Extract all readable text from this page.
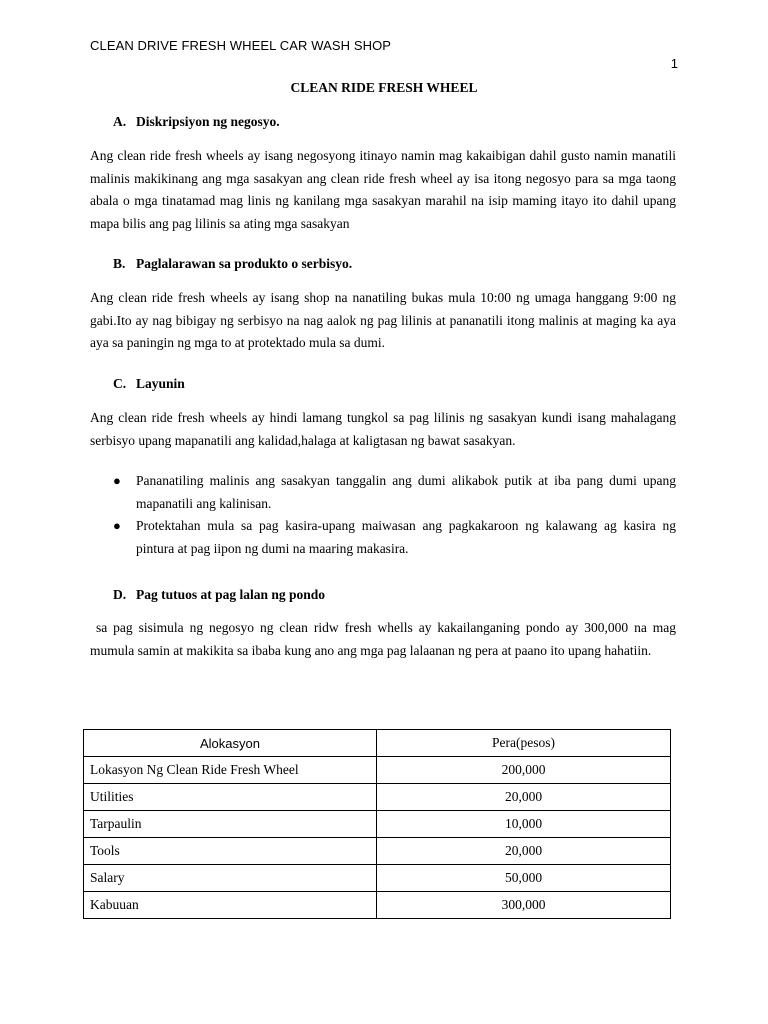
CLEAN DRIVE FRESH WHEEL CAR WASH SHOP
1
CLEAN RIDE FRESH WHEEL
A. Diskripsiyon ng negosyo.

Ang clean ride fresh wheels ay isang negosyong itinayo namin mag kakaibigan dahil gusto namin manatili malinis makikinang ang mga sasakyan ang clean ride fresh wheel ay isa itong negosyo para sa mga taong abala o mga tinatamad mag linis ng kanilang mga sasakyan marahil na isip maming itayo ito dahil upang mapa bilis ang pag lilinis sa ating mga sasakyan

B. Paglalarawan sa produkto o serbisyo.

Ang clean ride fresh wheels ay isang shop na nanatiling bukas mula 10:00 ng umaga hanggang 9:00 ng gabi.Ito ay nag bibigay ng serbisyo na nag aalok ng pag lilinis at pananatili itong malinis at maging ka aya aya sa paningin ng mga to at protektado mula sa dumi.

C. Layunin

Ang clean ride fresh wheels ay hindi lamang tungkol sa pag lilinis ng sasakyan kundi isang mahalagang serbisyo upang mapanatili ang kalidad,halaga at kaligtasan ng bawat sasakyan.

● Pananatiling malinis ang sasakyan tanggalin ang dumi alikabok putik at iba pang dumi upang mapanatili ang kalinisan.
● Protektahan mula sa pag kasira-upang maiwasan ang pagkakaroon ng kalawang ag kasira ng pintura at pag iipon ng dumi na maaring makasira.
D. Pag tutuos at pag lalan ng pondo

sa pag sisimula ng negosyo ng clean ridw fresh whells ay kakailanganing pondo ay 300,000 na mag mumula samin at makikita sa ibaba kung ano ang mga pag lalaanan ng pera at paano ito upang hahatiin.

Alokasyon	Pera(pesos)
Lokasyon Ng Clean Ride Fresh Wheel	200,000
Utilities	20,000
Tarpaulin	10,000
Tools	20,000
Salary	50,000
Kabuuan	300,000
